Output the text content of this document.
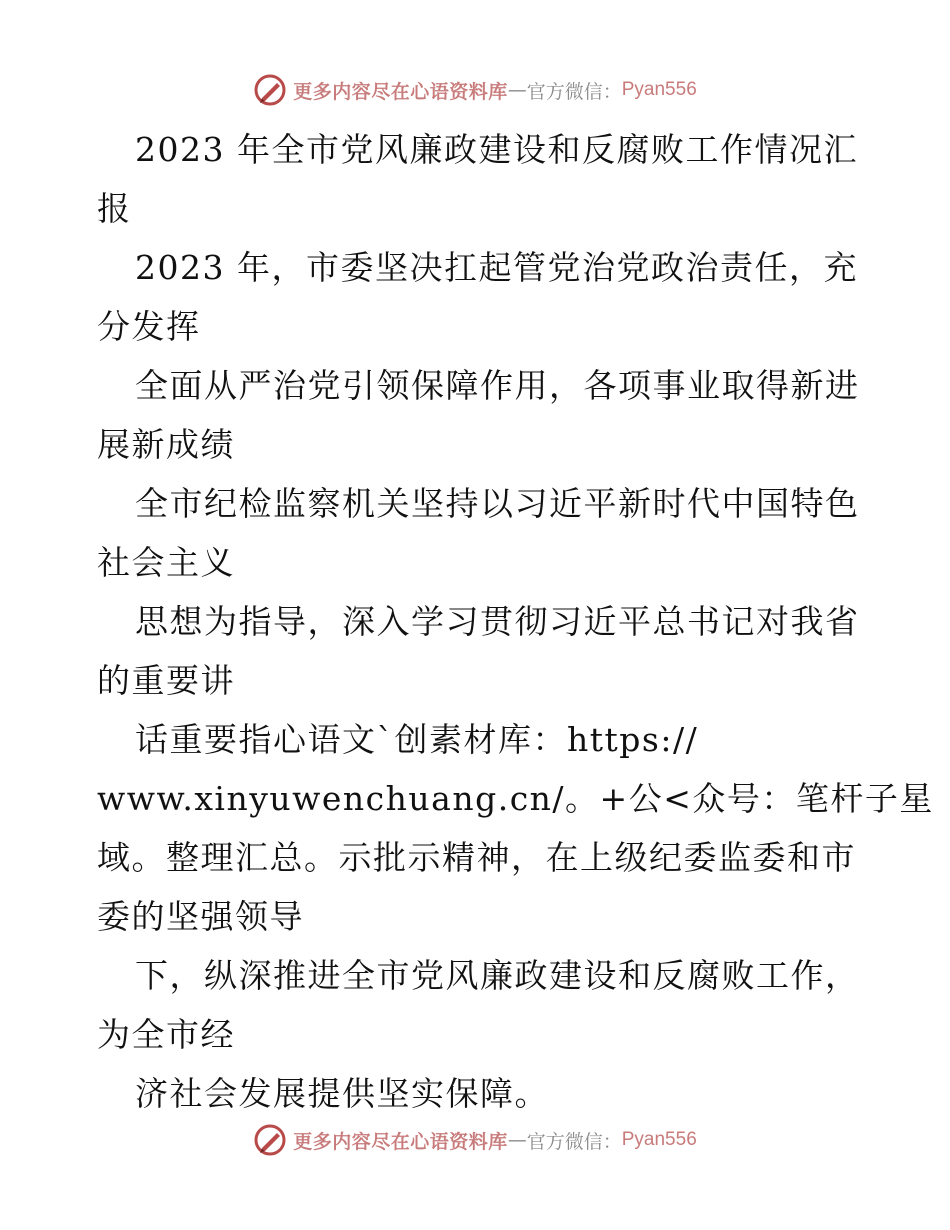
更多内容尽在心语资料库 — 官方微信： Pyan556
2023 年全市党风廉政建设和反腐败工作情况汇
报
2023 年，市委坚决扛起管党治党政治责任，充
分发挥
全面从严治党引领保障作用，各项事业取得新进
展新成绩
全市纪检监察机关坚持以习近平新时代中国特色
社会主义
思想为指导，深入学习贯彻习近平总书记对我省
的重要讲
话重要指心语文`创素材库：https://
www.xinyuwenchuang.cn/。+公<众号：笔杆子星
域。整理汇总。示批示精神，在上级纪委监委和市
委的坚强领导
下，纵深推进全市党风廉政建设和反腐败工作，
为全市经
济社会发展提供坚实保障。
更多内容尽在心语资料库 — 官方微信： Pyan556
